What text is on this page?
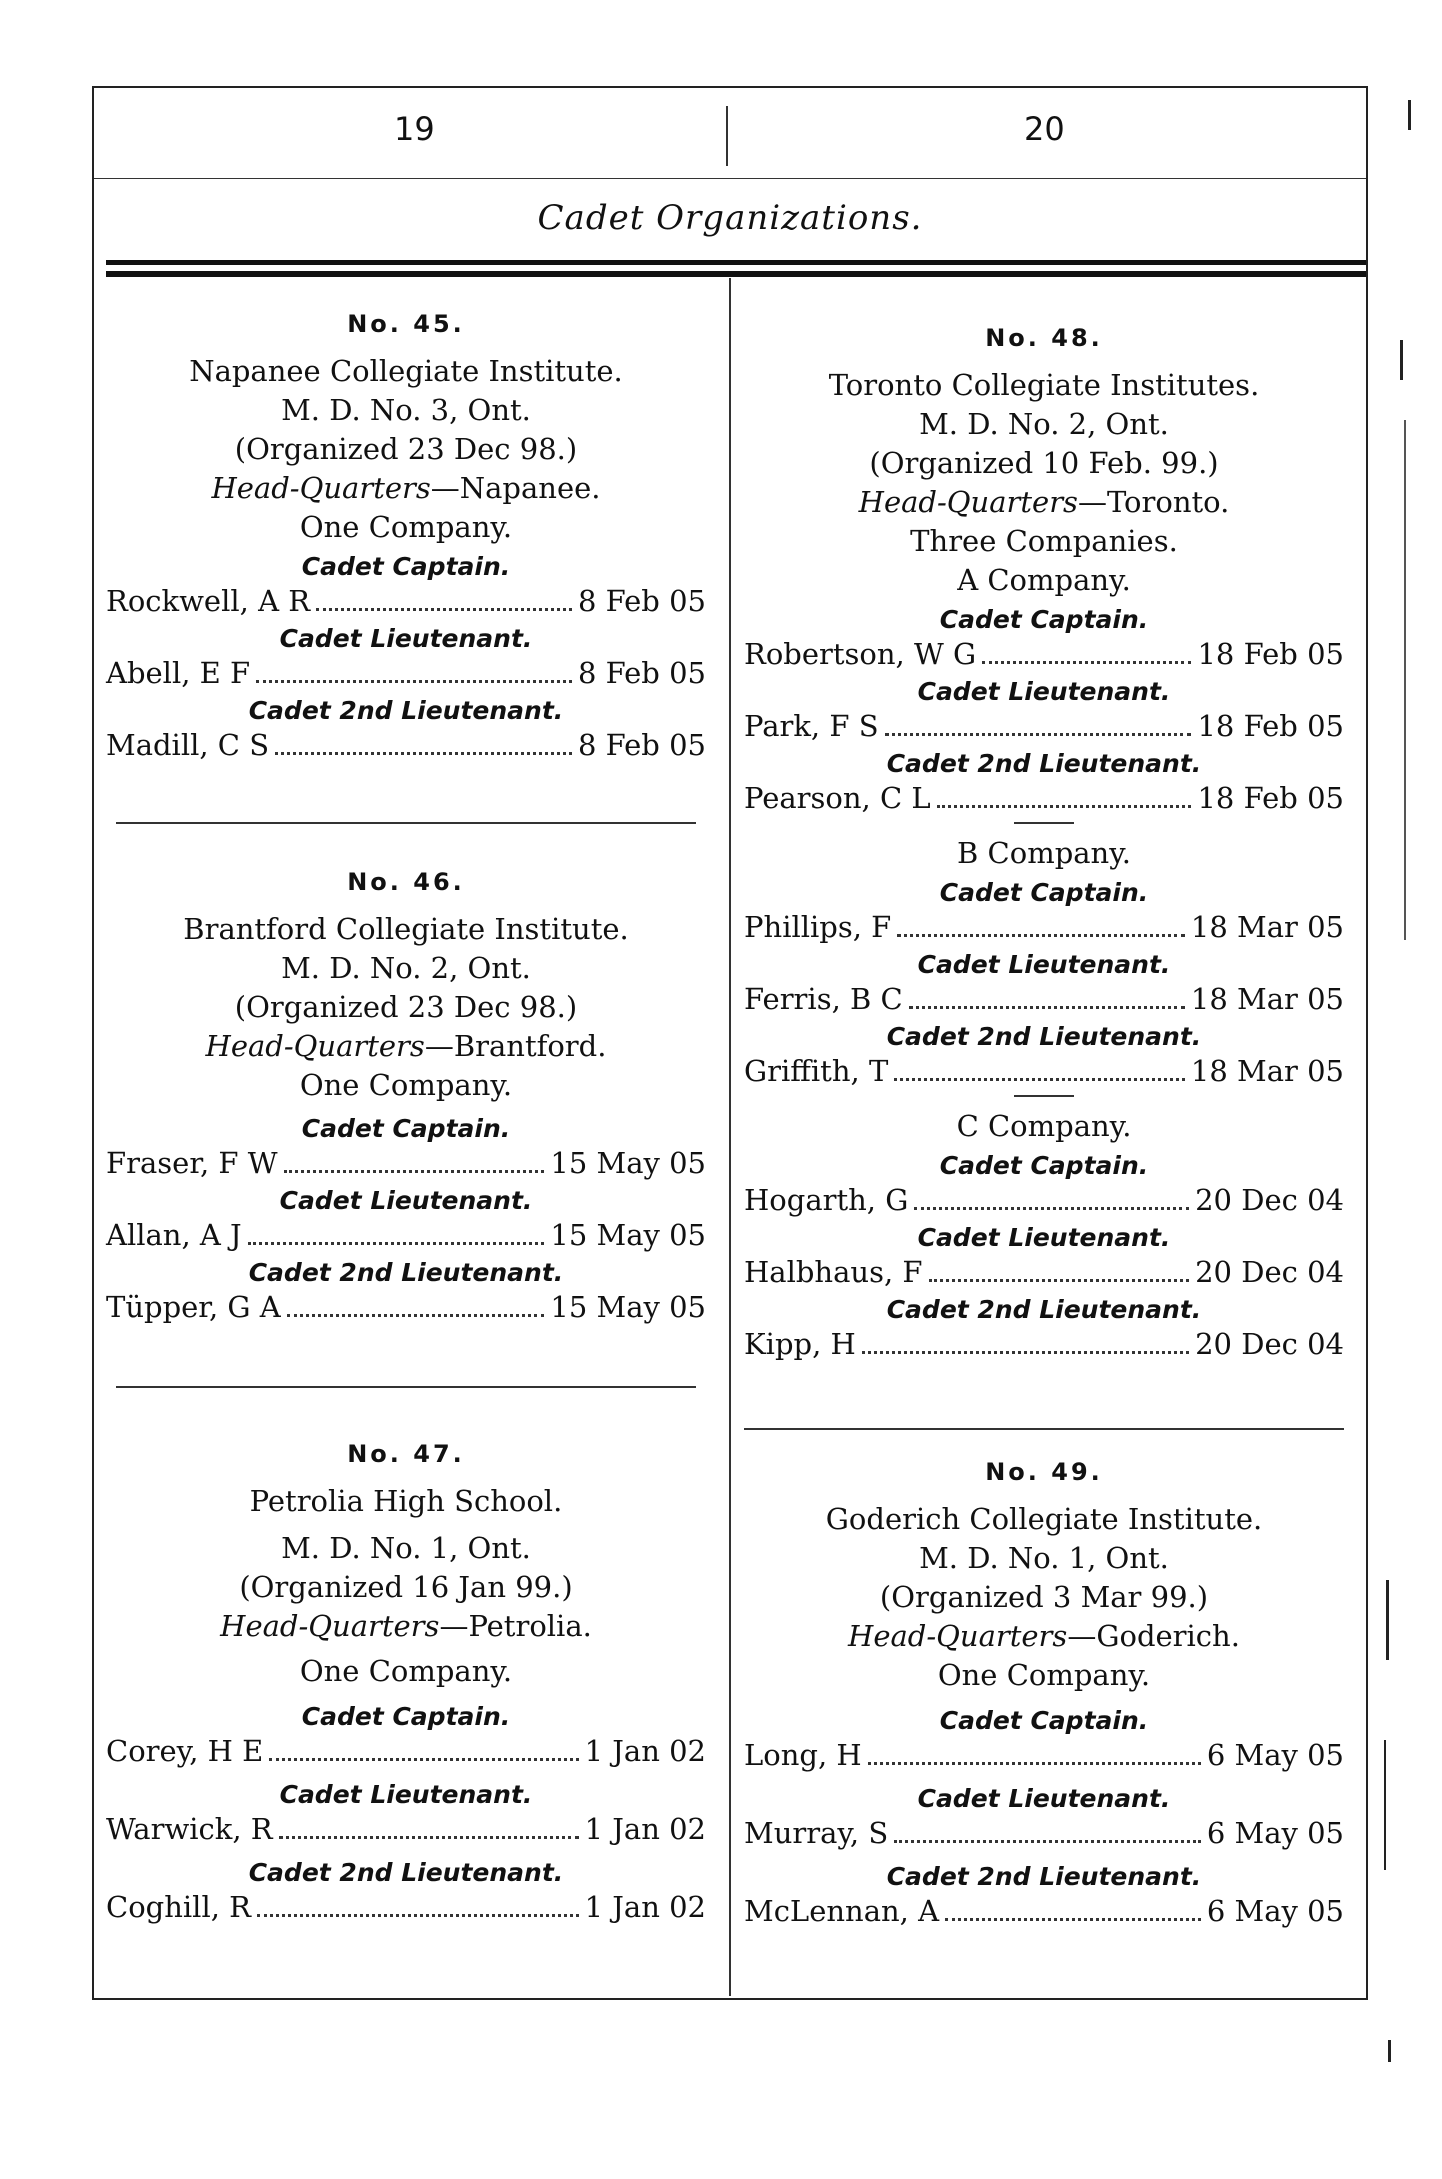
19	20
Cadet Organizations.
No. 45.
Napanee Collegiate Institute.
M. D. No. 3, Ont.
(Organized 23 Dec 98.)
Head-Quarters—Napanee.
One Company.
Cadet Captain.
Rockwell, A R	8 Feb 05
Cadet Lieutenant.
Abell, E F	8 Feb 05
Cadet 2nd Lieutenant.
Madill, C S	8 Feb 05
No. 46.
Brantford Collegiate Institute.
M. D. No. 2, Ont.
(Organized 23 Dec 98.)
Head-Quarters—Brantford.
One Company.
Cadet Captain.
Fraser, F W	15 May 05
Cadet Lieutenant.
Allan, A J	15 May 05
Cadet 2nd Lieutenant.
Tüpper, G A	15 May 05
No. 47.
Petrolia High School.
M. D. No. 1, Ont.
(Organized 16 Jan 99.)
Head-Quarters—Petrolia.
One Company.
Cadet Captain.
Corey, H E	1 Jan 02
Cadet Lieutenant.
Warwick, R	1 Jan 02
Cadet 2nd Lieutenant.
Coghill, R	1 Jan 02
No. 48.
Toronto Collegiate Institutes.
M. D. No. 2, Ont.
(Organized 10 Feb. 99.)
Head-Quarters—Toronto.
Three Companies.
A Company.
Cadet Captain.
Robertson, W G	18 Feb 05
Cadet Lieutenant.
Park, F S	18 Feb 05
Cadet 2nd Lieutenant.
Pearson, C L	18 Feb 05
B Company.
Cadet Captain.
Phillips, F	18 Mar 05
Cadet Lieutenant.
Ferris, B C	18 Mar 05
Cadet 2nd Lieutenant.
Griffith, T	18 Mar 05
C Company.
Cadet Captain.
Hogarth, G	20 Dec 04
Cadet Lieutenant.
Halbhaus, F	20 Dec 04
Cadet 2nd Lieutenant.
Kipp, H	20 Dec 04
No. 49.
Goderich Collegiate Institute.
M. D. No. 1, Ont.
(Organized 3 Mar 99.)
Head-Quarters—Goderich.
One Company.
Cadet Captain.
Long, H	6 May 05
Cadet Lieutenant.
Murray, S	6 May 05
Cadet 2nd Lieutenant.
McLennan, A	6 May 05
